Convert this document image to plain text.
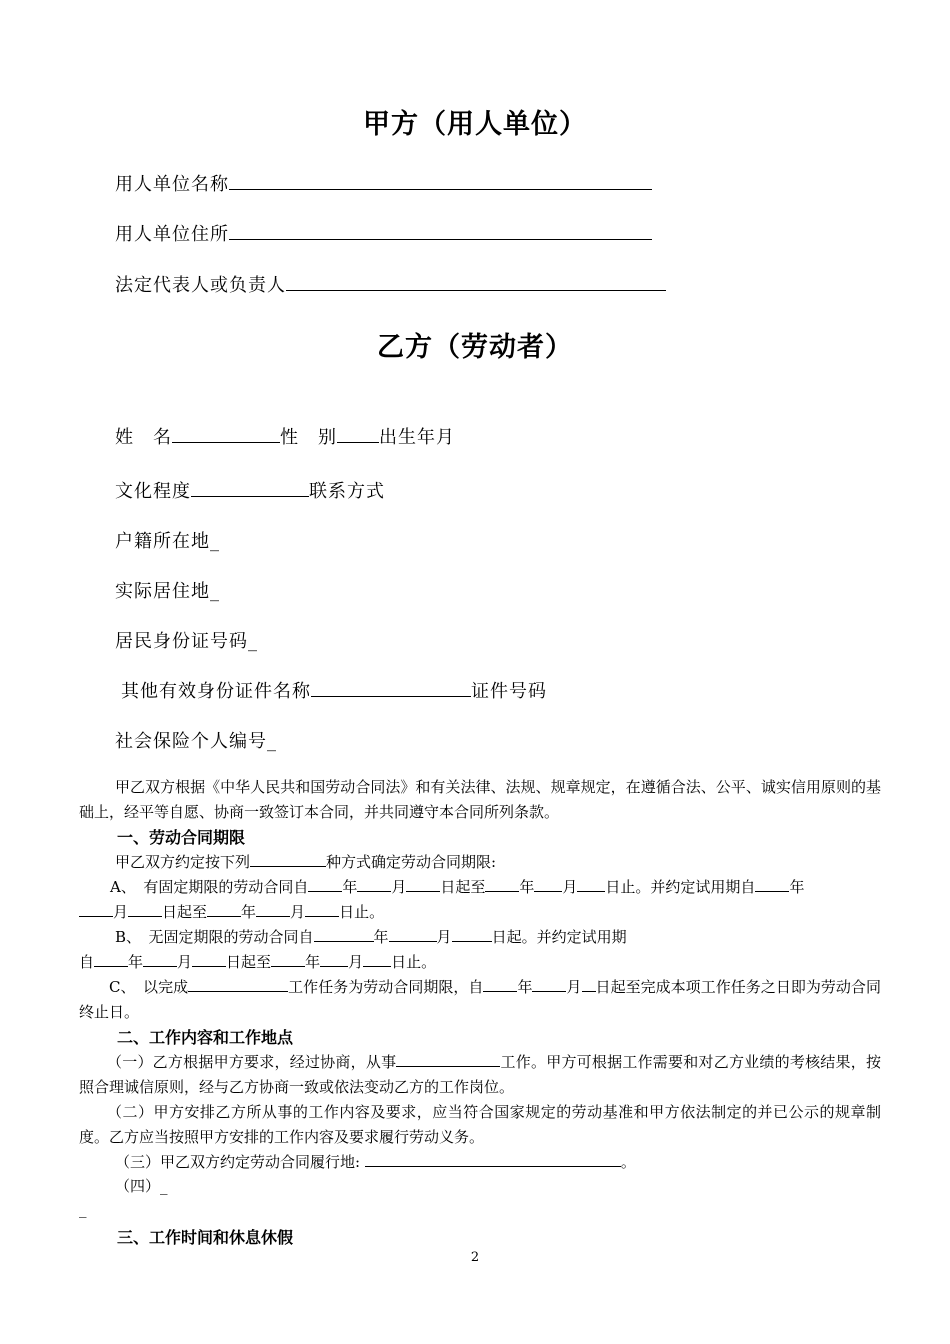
甲方（用人单位）
用人单位名称
用人单位住所
法定代表人或负责人
乙方（劳动者）
姓　名	性　别 出生年月
文化程度	联系方式
户籍所在地_
实际居住地_
居民身份证号码_
其他有效身份证件名称	证件号码
社会保险个人编号_
甲乙双方根据《中华人民共和国劳动合同法》和有关法律、法规、规章规定，在遵循合法、公平、诚实信用原则的基础上，经平等自愿、协商一致签订本合同，并共同遵守本合同所列条款。
一、劳动合同期限
甲乙双方约定按下列	种方式确定劳动合同期限:
A、　有固定期限的劳动合同自 年 月 日起至 年 月 日止。并约定试用期自 年
月 日起至 年 月 日止。
B、　无固定期限的劳动合同自	年	月	日起。并约定试用期
自 年 月 日起至 年 月 日止。
C、　以完成	工作任务为劳动合同期限，自 年 月 日起至完成本项工作任务之日即为劳动合同终止日。
二、工作内容和工作地点
（一）乙方根据甲方要求，经过协商，从事	工作。甲方可根据工作需要和对乙方业绩的考核结果，按照合理诚信原则，经与乙方协商一致或依法变动乙方的工作岗位。
（二）甲方安排乙方所从事的工作内容及要求，应当符合国家规定的劳动基准和甲方依法制定的并已公示的规章制度。乙方应当按照甲方安排的工作内容及要求履行劳动义务。
（三）甲乙双方约定劳动合同履行地:	。
（四）_
_
三、工作时间和休息休假
2
